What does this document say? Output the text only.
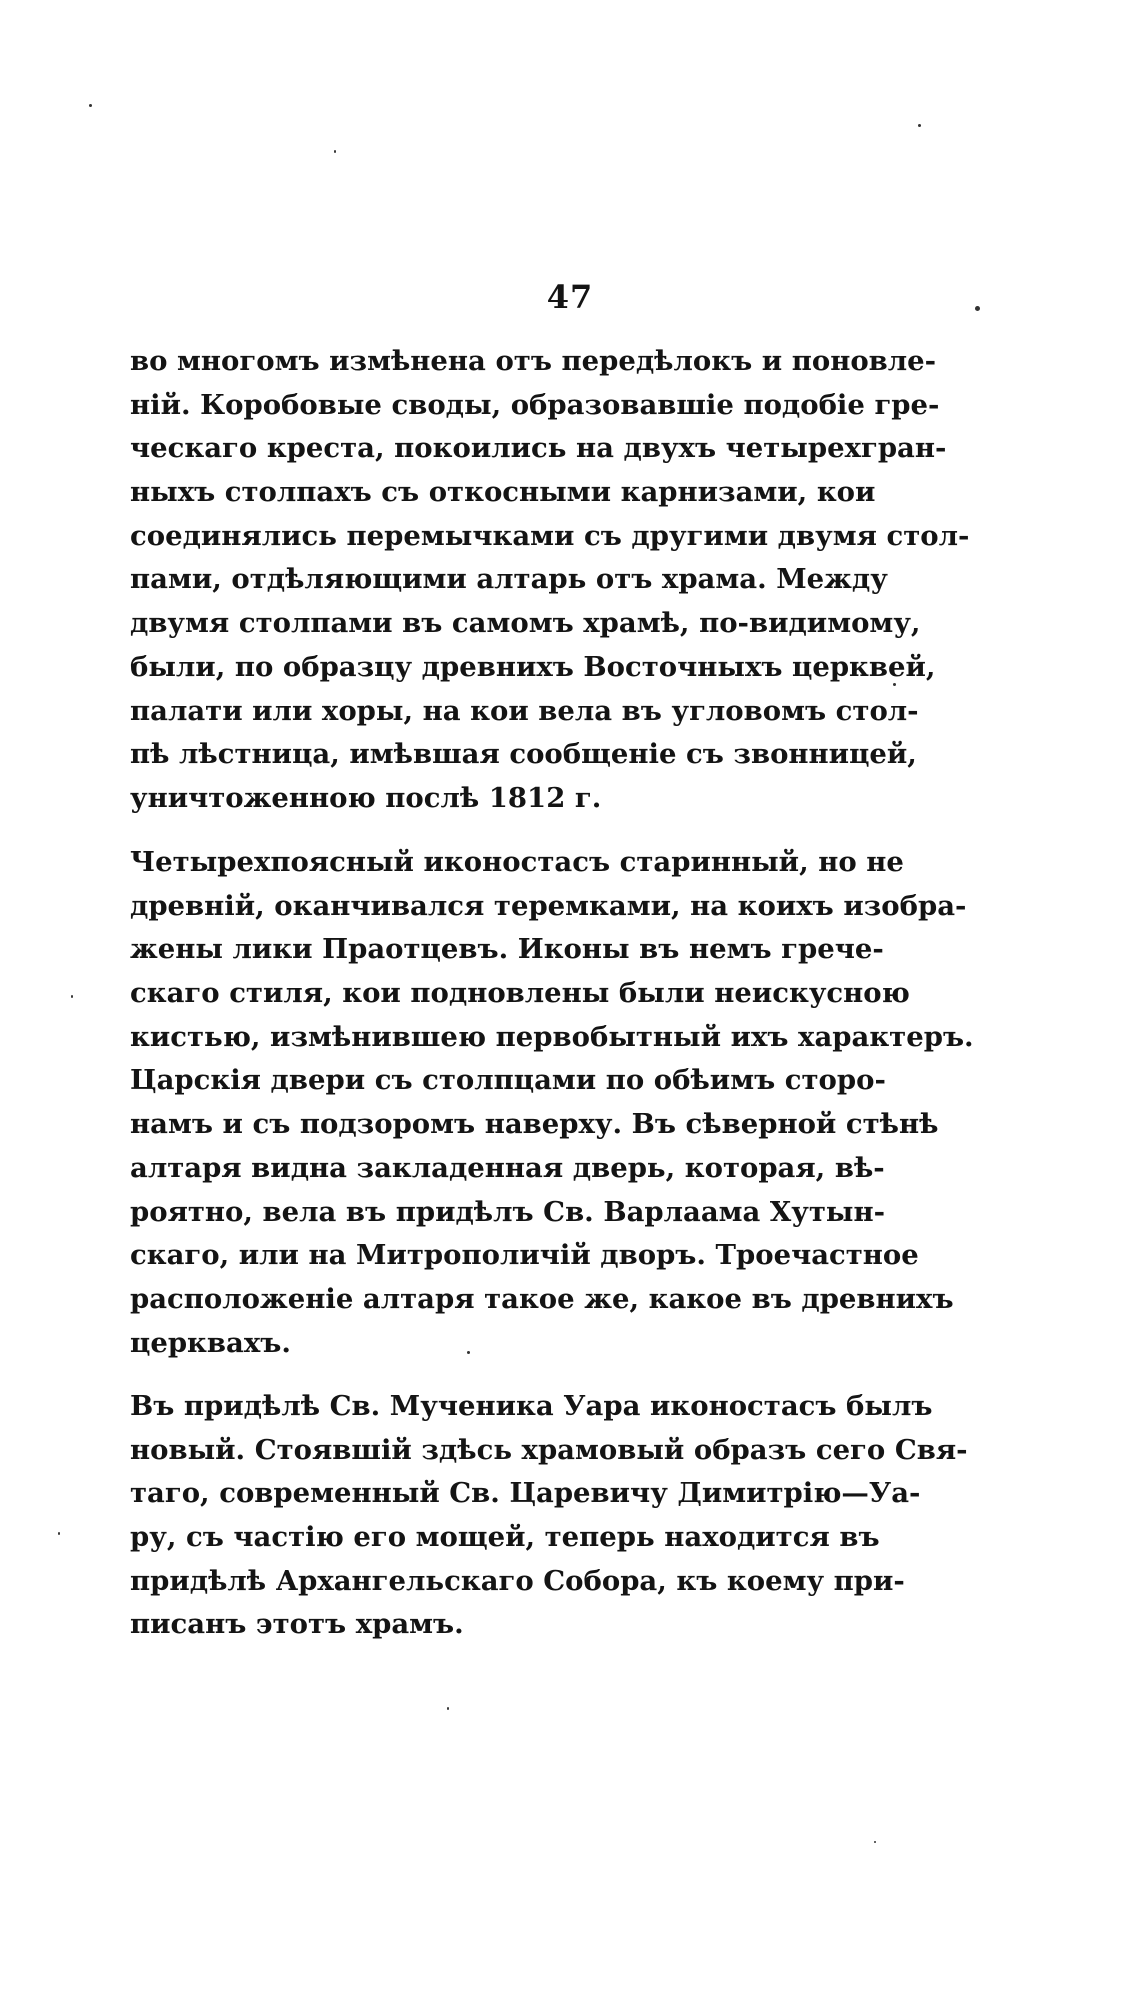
47
во многомъ измѣнена отъ передѣлокъ и поновле-
ній. Коробовые своды, образовавшіе подобіе гре-
ческаго креста, покоились на двухъ четырехгран-
ныхъ столпахъ съ откосными карнизами, кои
соединялись перемычками съ другими двумя стол-
пами, отдѣляющими алтарь отъ храма. Между
двумя столпами въ самомъ храмѣ, по-видимому,
были, по образцу древнихъ Восточныхъ церквей,
палати или хоры, на кои вела въ угловомъ стол-
пѣ лѣстница, имѣвшая сообщеніе съ звонницей,
уничтоженною послѣ 1812 г.
Четырехпоясный иконостасъ старинный, но не
древній, оканчивался теремками, на коихъ изобра-
жены лики Праотцевъ. Иконы въ немъ грече-
скаго стиля, кои подновлены были неискусною
кистью, измѣнившею первобытный ихъ характеръ.
Царскія двери съ столпцами по обѣимъ сторо-
намъ и съ подзоромъ наверху. Въ сѣверной стѣнѣ
алтаря видна закладенная дверь, которая, вѣ-
роятно, вела въ придѣлъ Св. Варлаама Хутын-
скаго, или на Митрополичій дворъ. Троечастное
расположеніе алтаря такое же, какое въ древнихъ
церквахъ.
Въ придѣлѣ Св. Мученика Уара иконостасъ былъ
новый. Стоявшій здѣсь храмовый образъ сего Свя-
таго, современный Св. Царевичу Димитрію—Уа-
ру, съ частію его мощей, теперь находится въ
придѣлѣ Архангельскаго Собора, къ коему при-
писанъ этотъ храмъ.
